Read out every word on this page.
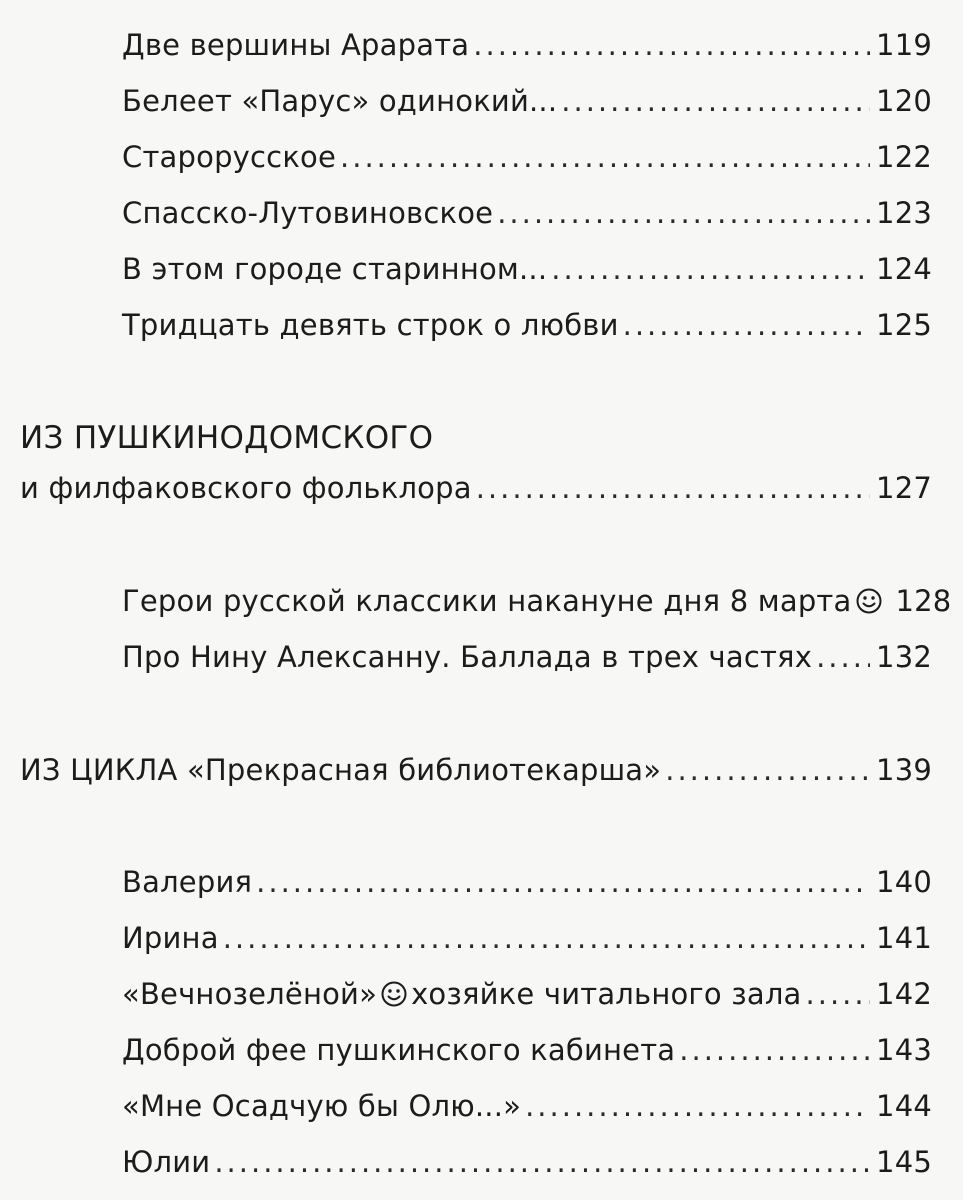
Две вершины Арарата .....	119
Белеет «Парус» одинокий... .....	120
Старорусское .....	122
Спасско-Лутовиновское .....	123
В этом городе старинном... .....	124
Тридцать девять строк о любви .....	125
ИЗ ПУШКИНОДОМСКОГО
и филфаковского фольклора .....	127
Герои русской классики накануне дня 8 марта	128
Про Нину Алексанну. Баллада в трех частях ..... 132
ИЗ ЦИКЛА «Прекрасная библиотекарша» .....	139
Валерия .....	140
Ирина .....	141
«Вечнозелёной» хозяйке читального зала .....	142
Доброй фее пушкинского кабинета .....	143
«Мне Осадчую бы Олю...» .....	144
Юлии .....	145
